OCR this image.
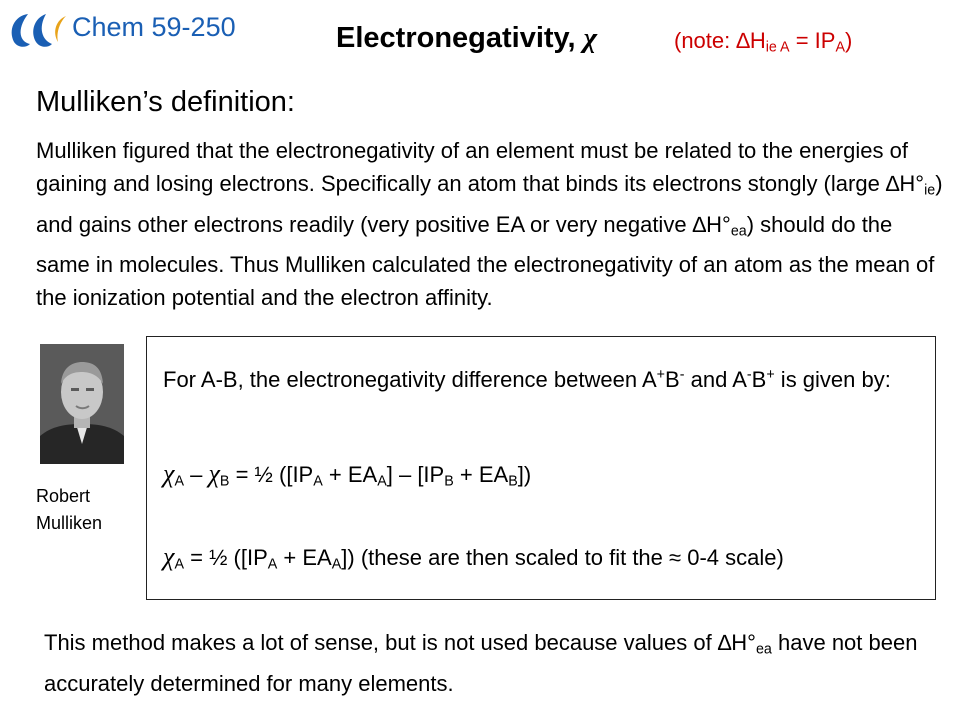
Chem 59-250	Electronegativity, χ	(note: $\Delta H_{ie A} = IP_A$)
Mulliken’s definition:
Mulliken figured that the electronegativity of an element must be related to the energies of gaining and losing electrons. Specifically an atom that binds its electrons stongly (large $\Delta H^\circ_{ie}$) and gains other electrons readily (very positive EA or very negative $\Delta H^\circ_{ea}$) should do the same in molecules. Thus Mulliken calculated the electronegativity of an atom as the mean of the ionization potential and the electron affinity.
Robert
Mulliken
For A-B, the electronegativity difference between A+B- and A-B+ is given by:
$\chi_A - \chi_B$ = ½ $([IP_A + EA_A] - [IP_B + EA_B])$
$\chi_A$ = ½ $([IP_A + EA_A])$ (these are then scaled to fit the ≈ 0-4 scale)
This method makes a lot of sense, but is not used because values of $\Delta H^\circ_{ea}$ have not been accurately determined for many elements.
